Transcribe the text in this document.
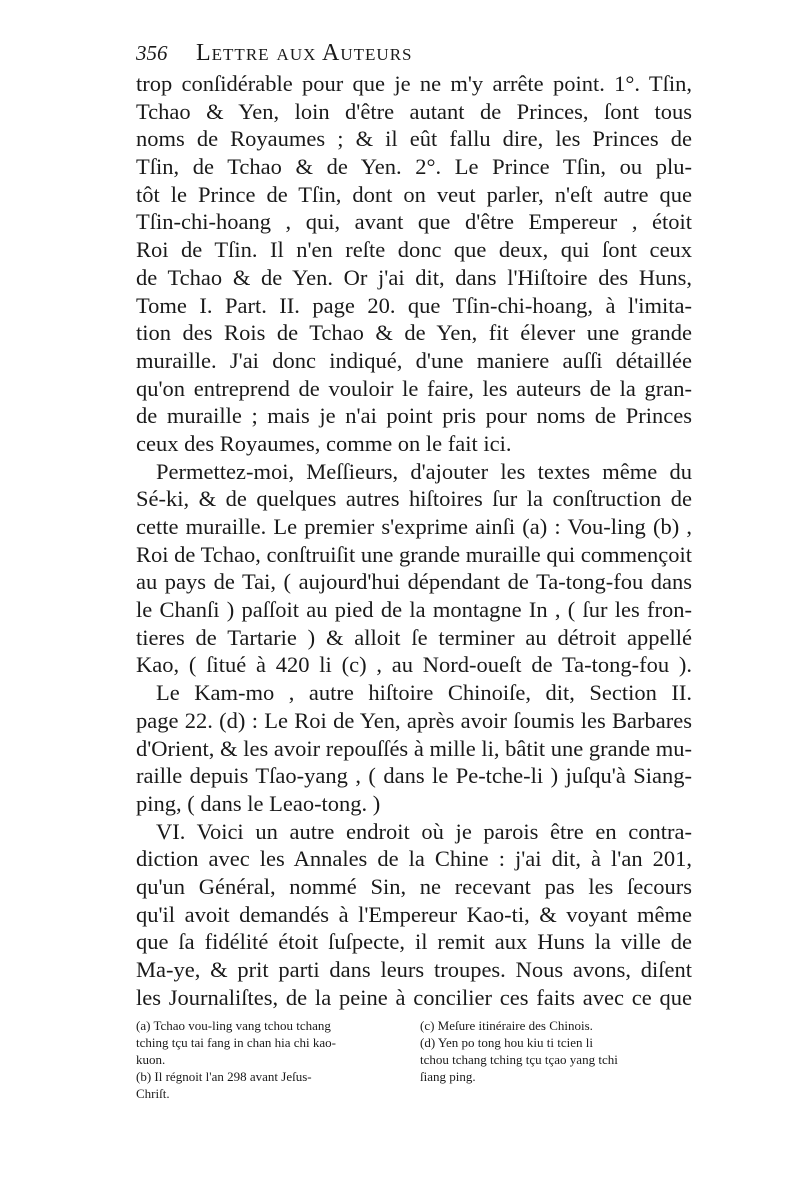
356	Lettre aux Auteurs
trop conſidérable pour que je ne m'y arrête point. 1°. Tſin,
Tchao & Yen, loin d'être autant de Princes, ſont tous
noms de Royaumes ; & il eût fallu dire, les Princes de
Tſin, de Tchao & de Yen. 2°. Le Prince Tſin, ou plu-
tôt le Prince de Tſin, dont on veut parler, n'eſt autre que
Tſin-chi-hoang , qui, avant que d'être Empereur , étoit
Roi de Tſin. Il n'en reſte donc que deux, qui ſont ceux
de Tchao & de Yen. Or j'ai dit, dans l'Hiſtoire des Huns,
Tome I. Part. II. page 20. que Tſin-chi-hoang, à l'imita-
tion des Rois de Tchao & de Yen, fit élever une grande
muraille. J'ai donc indiqué, d'une maniere auſſi détaillée
qu'on entreprend de vouloir le faire, les auteurs de la gran-
de muraille ; mais je n'ai point pris pour noms de Princes
ceux des Royaumes, comme on le fait ici.
Permettez-moi, Meſſieurs, d'ajouter les textes même du
Sé-ki, & de quelques autres hiſtoires ſur la conſtruction de
cette muraille. Le premier s'exprime ainſi (a) : Vou-ling (b) ,
Roi de Tchao, conſtruiſit une grande muraille qui commençoit
au pays de Tai, ( aujourd'hui dépendant de Ta-tong-fou dans
le Chanſi ) paſſoit au pied de la montagne In , ( ſur les fron-
tieres de Tartarie ) & alloit ſe terminer au détroit appellé
Kao, ( ſitué à 420 li (c) , au Nord-oueſt de Ta-tong-fou ).
Le Kam-mo , autre hiſtoire Chinoiſe, dit, Section II.
page 22. (d) : Le Roi de Yen, après avoir ſoumis les Barbares
d'Orient, & les avoir repouſſés à mille li, bâtit une grande mu-
raille depuis Tſao-yang , ( dans le Pe-tche-li ) juſqu'à Siang-
ping, ( dans le Leao-tong. )
VI. Voici un autre endroit où je parois être en contra-
diction avec les Annales de la Chine : j'ai dit, à l'an 201,
qu'un Général, nommé Sin, ne recevant pas les ſecours
qu'il avoit demandés à l'Empereur Kao-ti, & voyant même
que ſa fidélité étoit ſuſpecte, il remit aux Huns la ville de
Ma-ye, & prit parti dans leurs troupes. Nous avons, diſent
les Journaliſtes, de la peine à concilier ces faits avec ce que
(a) Tchao vou-ling vang tchou tchang
tching tçu tai fang in chan hia chi kao-
kuon.
(b) Il régnoit l'an 298 avant Jeſus-
Chriſt.
(c) Meſure itinéraire des Chinois.
(d) Yen po tong hou kiu ti tcien li
tchou tchang tching tçu tçao yang tchi
ſiang ping.
